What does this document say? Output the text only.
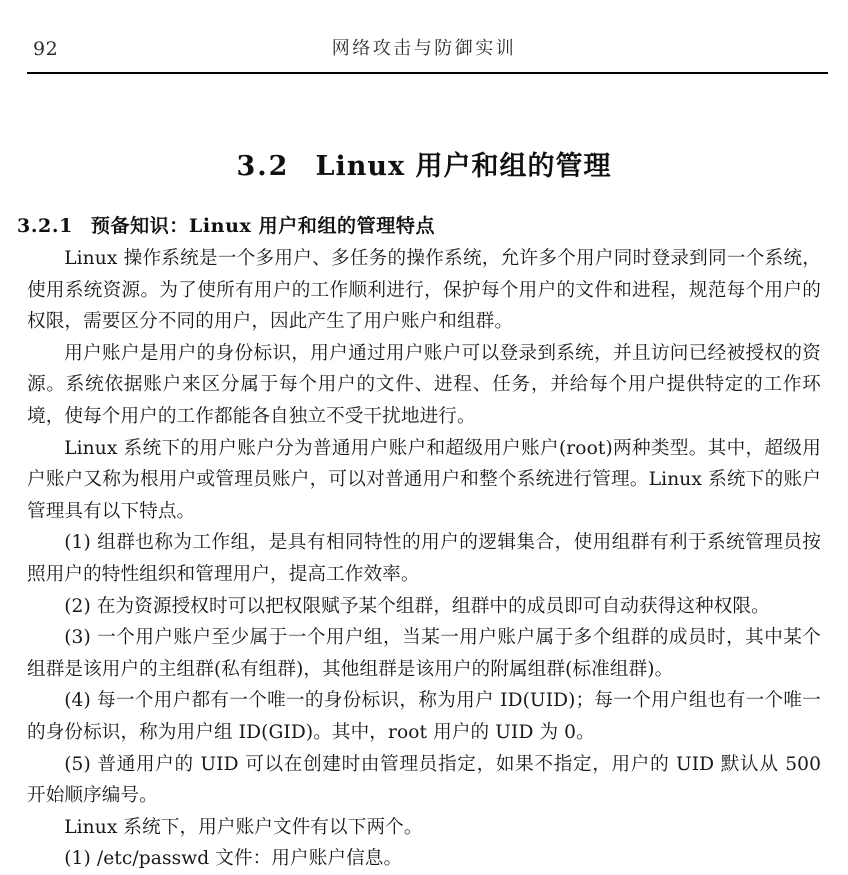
92	网络攻击与防御实训
3.2 Linux 用户和组的管理
3.2.1 预备知识：Linux 用户和组的管理特点

Linux 操作系统是一个多用户、多任务的操作系统，允许多个用户同时登录到同一个系统，使用系统资源。为了使所有用户的工作顺利进行，保护每个用户的文件和进程，规范每个用户的权限，需要区分不同的用户，因此产生了用户账户和组群。

用户账户是用户的身份标识，用户通过用户账户可以登录到系统，并且访问已经被授权的资源。系统依据账户来区分属于每个用户的文件、进程、任务，并给每个用户提供特定的工作环境，使每个用户的工作都能各自独立不受干扰地进行。

Linux 系统下的用户账户分为普通用户账户和超级用户账户(root)两种类型。其中，超级用户账户又称为根用户或管理员账户，可以对普通用户和整个系统进行管理。Linux 系统下的账户管理具有以下特点。

(1) 组群也称为工作组，是具有相同特性的用户的逻辑集合，使用组群有利于系统管理员按照用户的特性组织和管理用户，提高工作效率。

(2) 在为资源授权时可以把权限赋予某个组群，组群中的成员即可自动获得这种权限。

(3) 一个用户账户至少属于一个用户组，当某一用户账户属于多个组群的成员时，其中某个组群是该用户的主组群(私有组群)，其他组群是该用户的附属组群(标准组群)。

(4) 每一个用户都有一个唯一的身份标识，称为用户 ID(UID)；每一个用户组也有一个唯一的身份标识，称为用户组 ID(GID)。其中，root 用户的 UID 为 0。

(5) 普通用户的 UID 可以在创建时由管理员指定，如果不指定，用户的 UID 默认从 500 开始顺序编号。

Linux 系统下，用户账户文件有以下两个。

(1) /etc/passwd 文件：用户账户信息。
